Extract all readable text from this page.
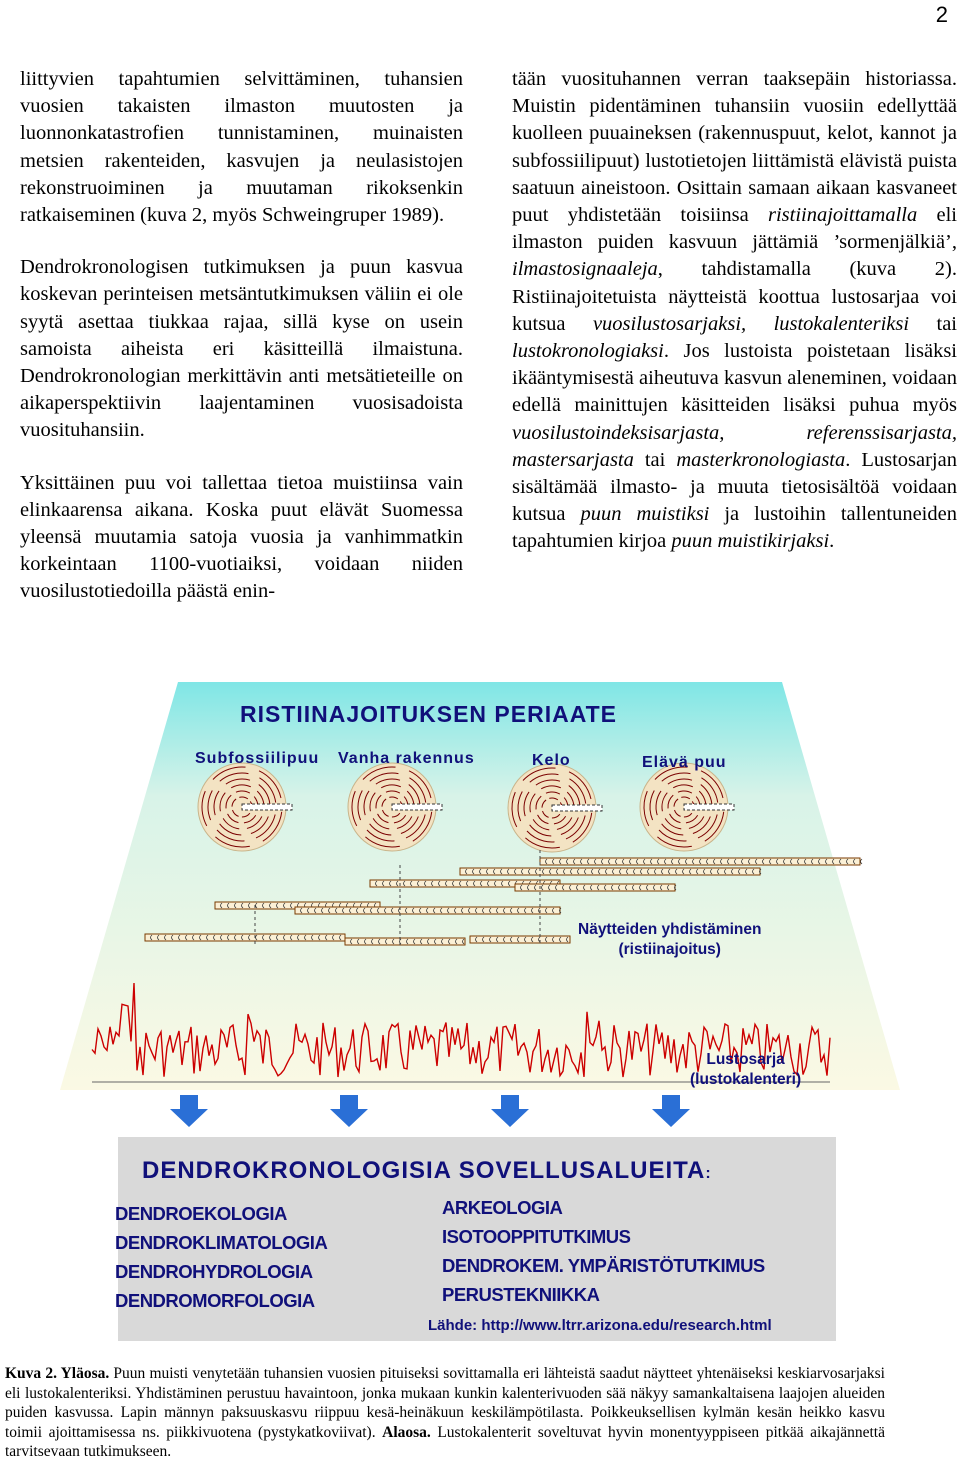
2

liittyvien tapahtumien selvittäminen, tuhansien vuosien takaisten ilmaston muutosten ja luonnonkatastrofien tunnistaminen, muinaisten metsien rakenteiden, kasvujen ja neulasistojen rekonstruoiminen ja muutaman rikoksenkin ratkaiseminen (kuva 2, myös Schweingruper 1989).

Dendrokronologisen tutkimuksen ja puun kasvua koskevan perinteisen metsäntutkimuksen väliin ei ole syytä asettaa tiukkaa rajaa, sillä kyse on usein samoista aiheista eri käsitteillä ilmaistuna. Dendrokronologian merkittävin anti metsätieteille on aikaperspektiivin laajentaminen vuosisadoista vuosituhansiin.

Yksittäinen puu voi tallettaa tietoa muistiinsa vain elinkaarensa aikana. Koska puut elävät Suomessa yleensä muutamia satoja vuosia ja vanhimmatkin korkeintaan 1100-vuotiaiksi, voidaan niiden vuosilustotiedoilla päästä enin-

tään vuosituhannen verran taaksepäin historiassa. Muistin pidentäminen tuhansiin vuosiin edellyttää kuolleen puuaineksen (rakennuspuut, kelot, kannot ja subfossiilipuut) lustotietojen liittämistä elävistä puista saatuun aineistoon. Osittain samaan aikaan kasvaneet puut yhdistetään toisiinsa ristiinajoittamalla eli ilmaston puiden kasvuun jättämiä ’sormenjälkiä’, ilmastosignaaleja, tahdistamalla (kuva 2). Ristiinajoitetuista näytteistä koottua lustosarjaa voi kutsua vuosilustosarjaksi, lustokalenteriksi tai lustokronologiaksi. Jos lustoista poistetaan lisäksi ikääntymisestä aiheutuva kasvun aleneminen, voidaan edellä mainittujen käsitteiden lisäksi puhua myös vuosilustoindeksisarjasta, referenssisarjasta, mastersarjasta tai masterkronologiasta. Lustosarjan sisältämää ilmasto- ja muuta tietosisältöä voidaan kutsua puun muistiksi ja lustoihin tallentuneiden tapahtumien kirjoa puun muistikirjaksi.

RISTIINAJOITUKSEN PERIAATE
Subfossiilipuu Vanha rakennus	Kelo	Elävä puu
Näytteiden yhdistäminen
(ristiinajoitus)
Lustosarja
(lustokalenteri)
DENDROKRONOLOGISIA SOVELLUSALUEITA:
DENDROEKOLOGIA
DENDROKLIMATOLOGIA
DENDROHYDROLOGIA
DENDROMORFOLOGIA
ARKEOLOGIA
ISOTOOPPITUTKIMUS
DENDROKEM. YMPÄRISTÖTUTKIMUS
PERUSTEKNIIKKA
Lähde: http://www.ltrr.arizona.edu/research.html
Kuva 2. Yläosa. Puun muisti venytetään tuhansien vuosien pituiseksi sovittamalla eri lähteistä saadut näytteet yhtenäiseksi keskiarvosarjaksi eli lustokalenteriksi. Yhdistäminen perustuu havaintoon, jonka mukaan kunkin kalenterivuoden sää näkyy samankaltaisena laajojen alueiden puiden kasvussa. Lapin männyn paksuuskasvu riippuu kesä-heinäkuun keskilämpötilasta. Poikkeuksellisen kylmän kesän heikko kasvu toimii ajoittamisessa ns. piikkivuotena (pystykatkoviivat). Alaosa. Lustokalenterit soveltuvat hyvin monentyyppiseen pitkää aikajännettä tarvitsevaan tutkimukseen.
